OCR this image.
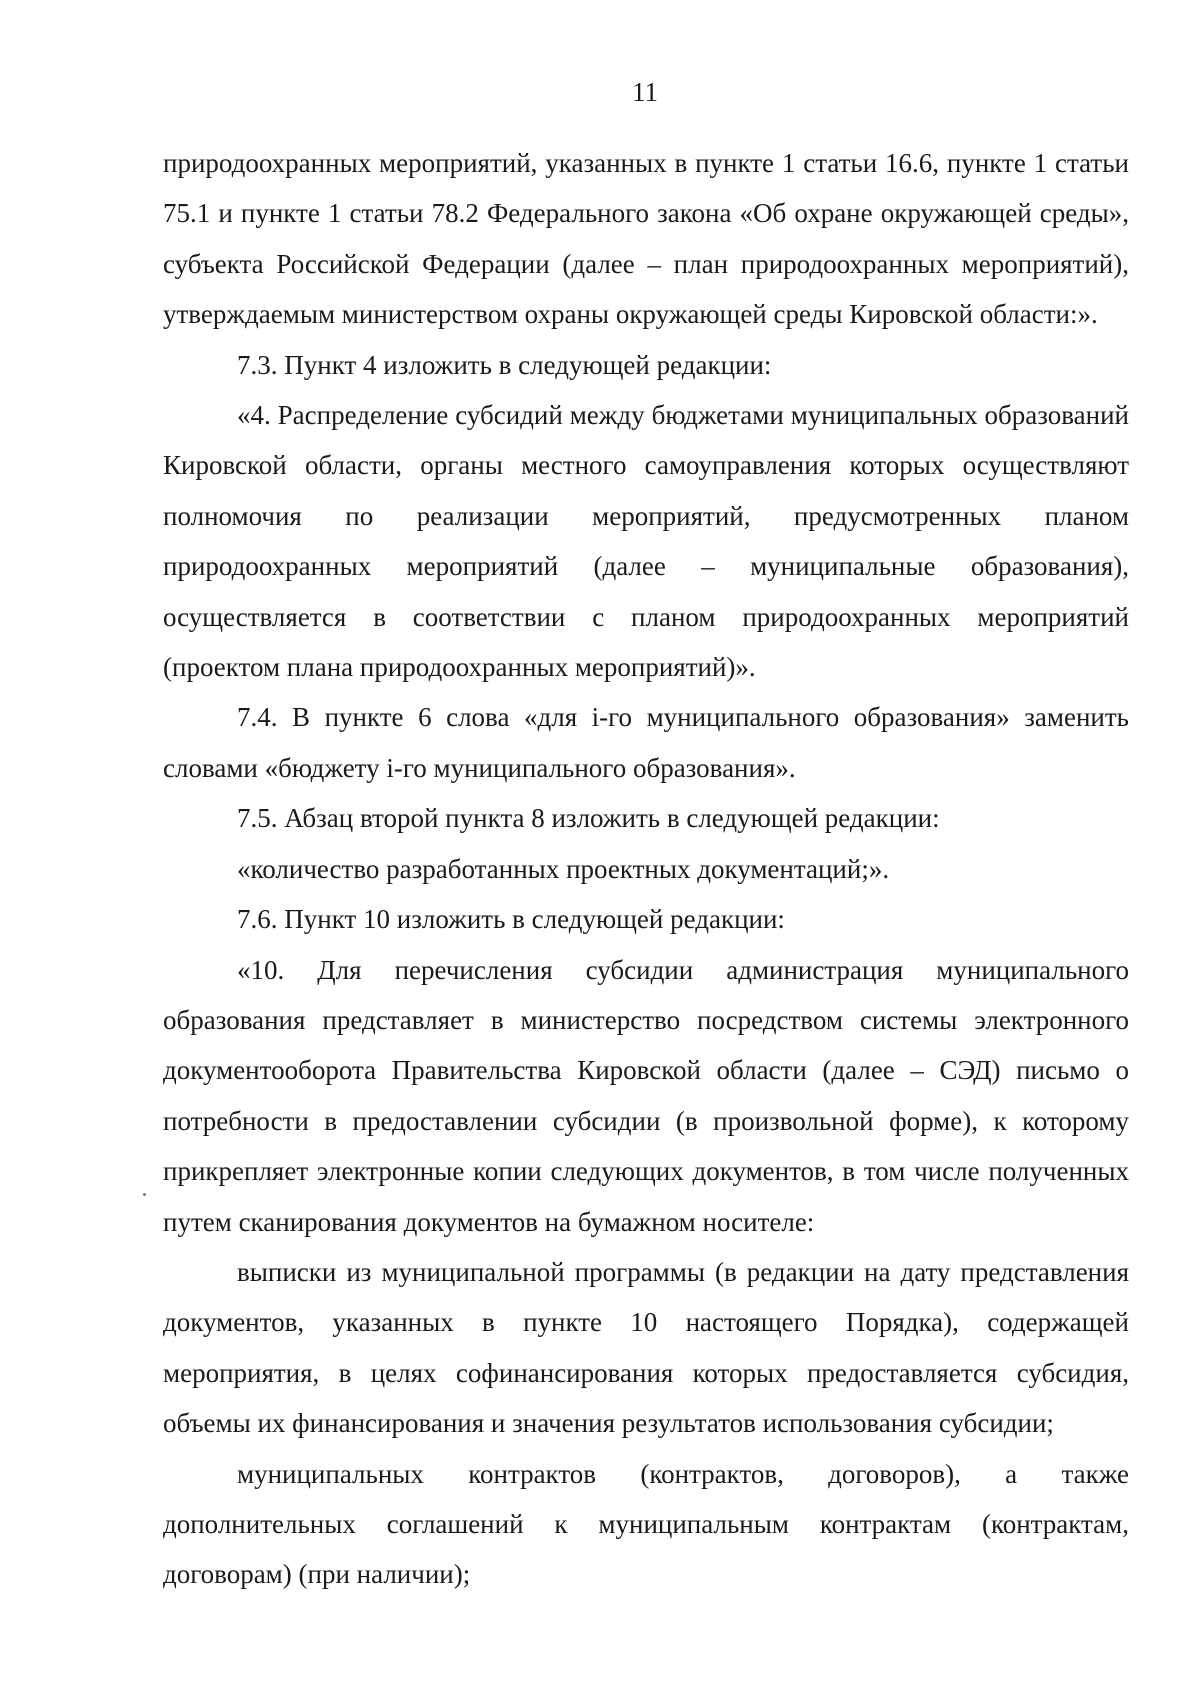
11

природоохранных мероприятий, указанных в пункте 1 статьи 16.6, пункте 1 статьи 75.1 и пункте 1 статьи 78.2 Федерального закона «Об охране окружающей среды», субъекта Российской Федерации (далее – план природоохранных мероприятий), утверждаемым министерством охраны окружающей среды Кировской области:».

7.3. Пункт 4 изложить в следующей редакции:

«4. Распределение субсидий между бюджетами муниципальных образований Кировской области, органы местного самоуправления которых осуществляют полномочия по реализации мероприятий, предусмотренных планом природоохранных мероприятий (далее – муниципальные образования), осуществляется в соответствии с планом природоохранных мероприятий (проектом плана природоохранных мероприятий)».

7.4. В пункте 6 слова «для i-го муниципального образования» заменить словами «бюджету i-го муниципального образования».

7.5. Абзац второй пункта 8 изложить в следующей редакции:

«количество разработанных проектных документаций;».

7.6. Пункт 10 изложить в следующей редакции:

«10. Для перечисления субсидии администрация муниципального образования представляет в министерство посредством системы электронного документооборота Правительства Кировской области (далее – СЭД) письмо о потребности в предоставлении субсидии (в произвольной форме), к которому прикрепляет электронные копии следующих документов, в том числе полученных путем сканирования документов на бумажном носителе:

выписки из муниципальной программы (в редакции на дату представления документов, указанных в пункте 10 настоящего Порядка), содержащей мероприятия, в целях софинансирования которых предоставляется субсидия, объемы их финансирования и значения результатов использования субсидии;

муниципальных контрактов (контрактов, договоров), а также дополнительных соглашений к муниципальным контрактам (контрактам, договорам) (при наличии);
